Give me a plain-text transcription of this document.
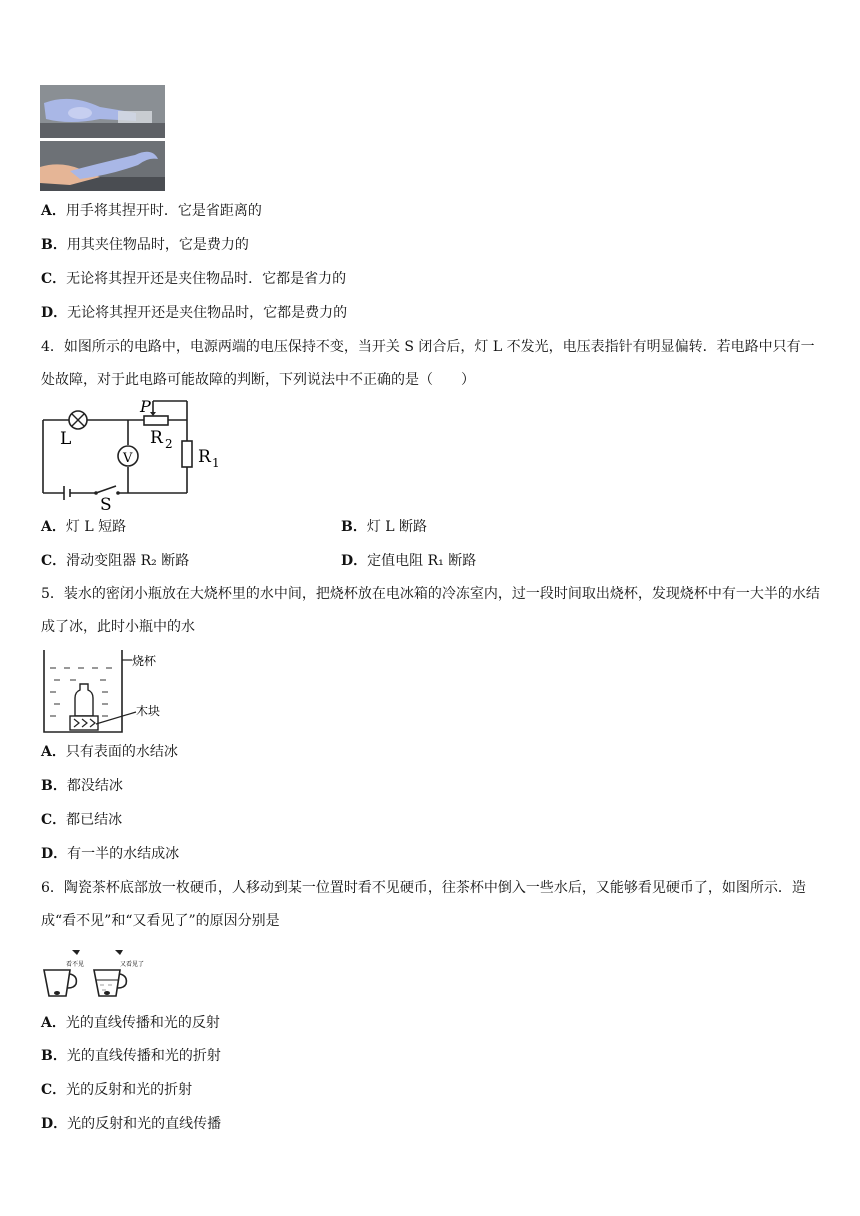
A．用手将其捏开时．它是省距离的
B．用其夹住物品时，它是费力的
C．无论将其捏开还是夹住物品时．它都是省力的
D．无论将其捏开还是夹住物品时，它都是费力的
4．如图所示的电路中，电源两端的电压保持不变，当开关 S 闭合后，灯 L 不发光，电压表指针有明显偏转．若电路中只有一处故障，对于此电路可能故障的判断，下列说法中不正确的是（　　）
L
V
P
R 2
R 1
S
A．灯 L 短路	B．灯 L 断路
C．滑动变阻器 R₂ 断路	D．定值电阻 R₁ 断路
5．装水的密闭小瓶放在大烧杯里的水中间，把烧杯放在电冰箱的冷冻室内，过一段时间取出烧杯，发现烧杯中有一大半的水结成了冰，此时小瓶中的水
烧杯
木块
A．只有表面的水结冰
B．都没结冰
C．都已结冰
D．有一半的水结成冰
6．陶瓷茶杯底部放一枚硬币，人移动到某一位置时看不见硬币，往茶杯中倒入一些水后，又能够看见硬币了，如图所示．造成“看不见”和“又看见了”的原因分别是
看不见	又看见了
A．光的直线传播和光的反射
B．光的直线传播和光的折射
C．光的反射和光的折射
D．光的反射和光的直线传播
